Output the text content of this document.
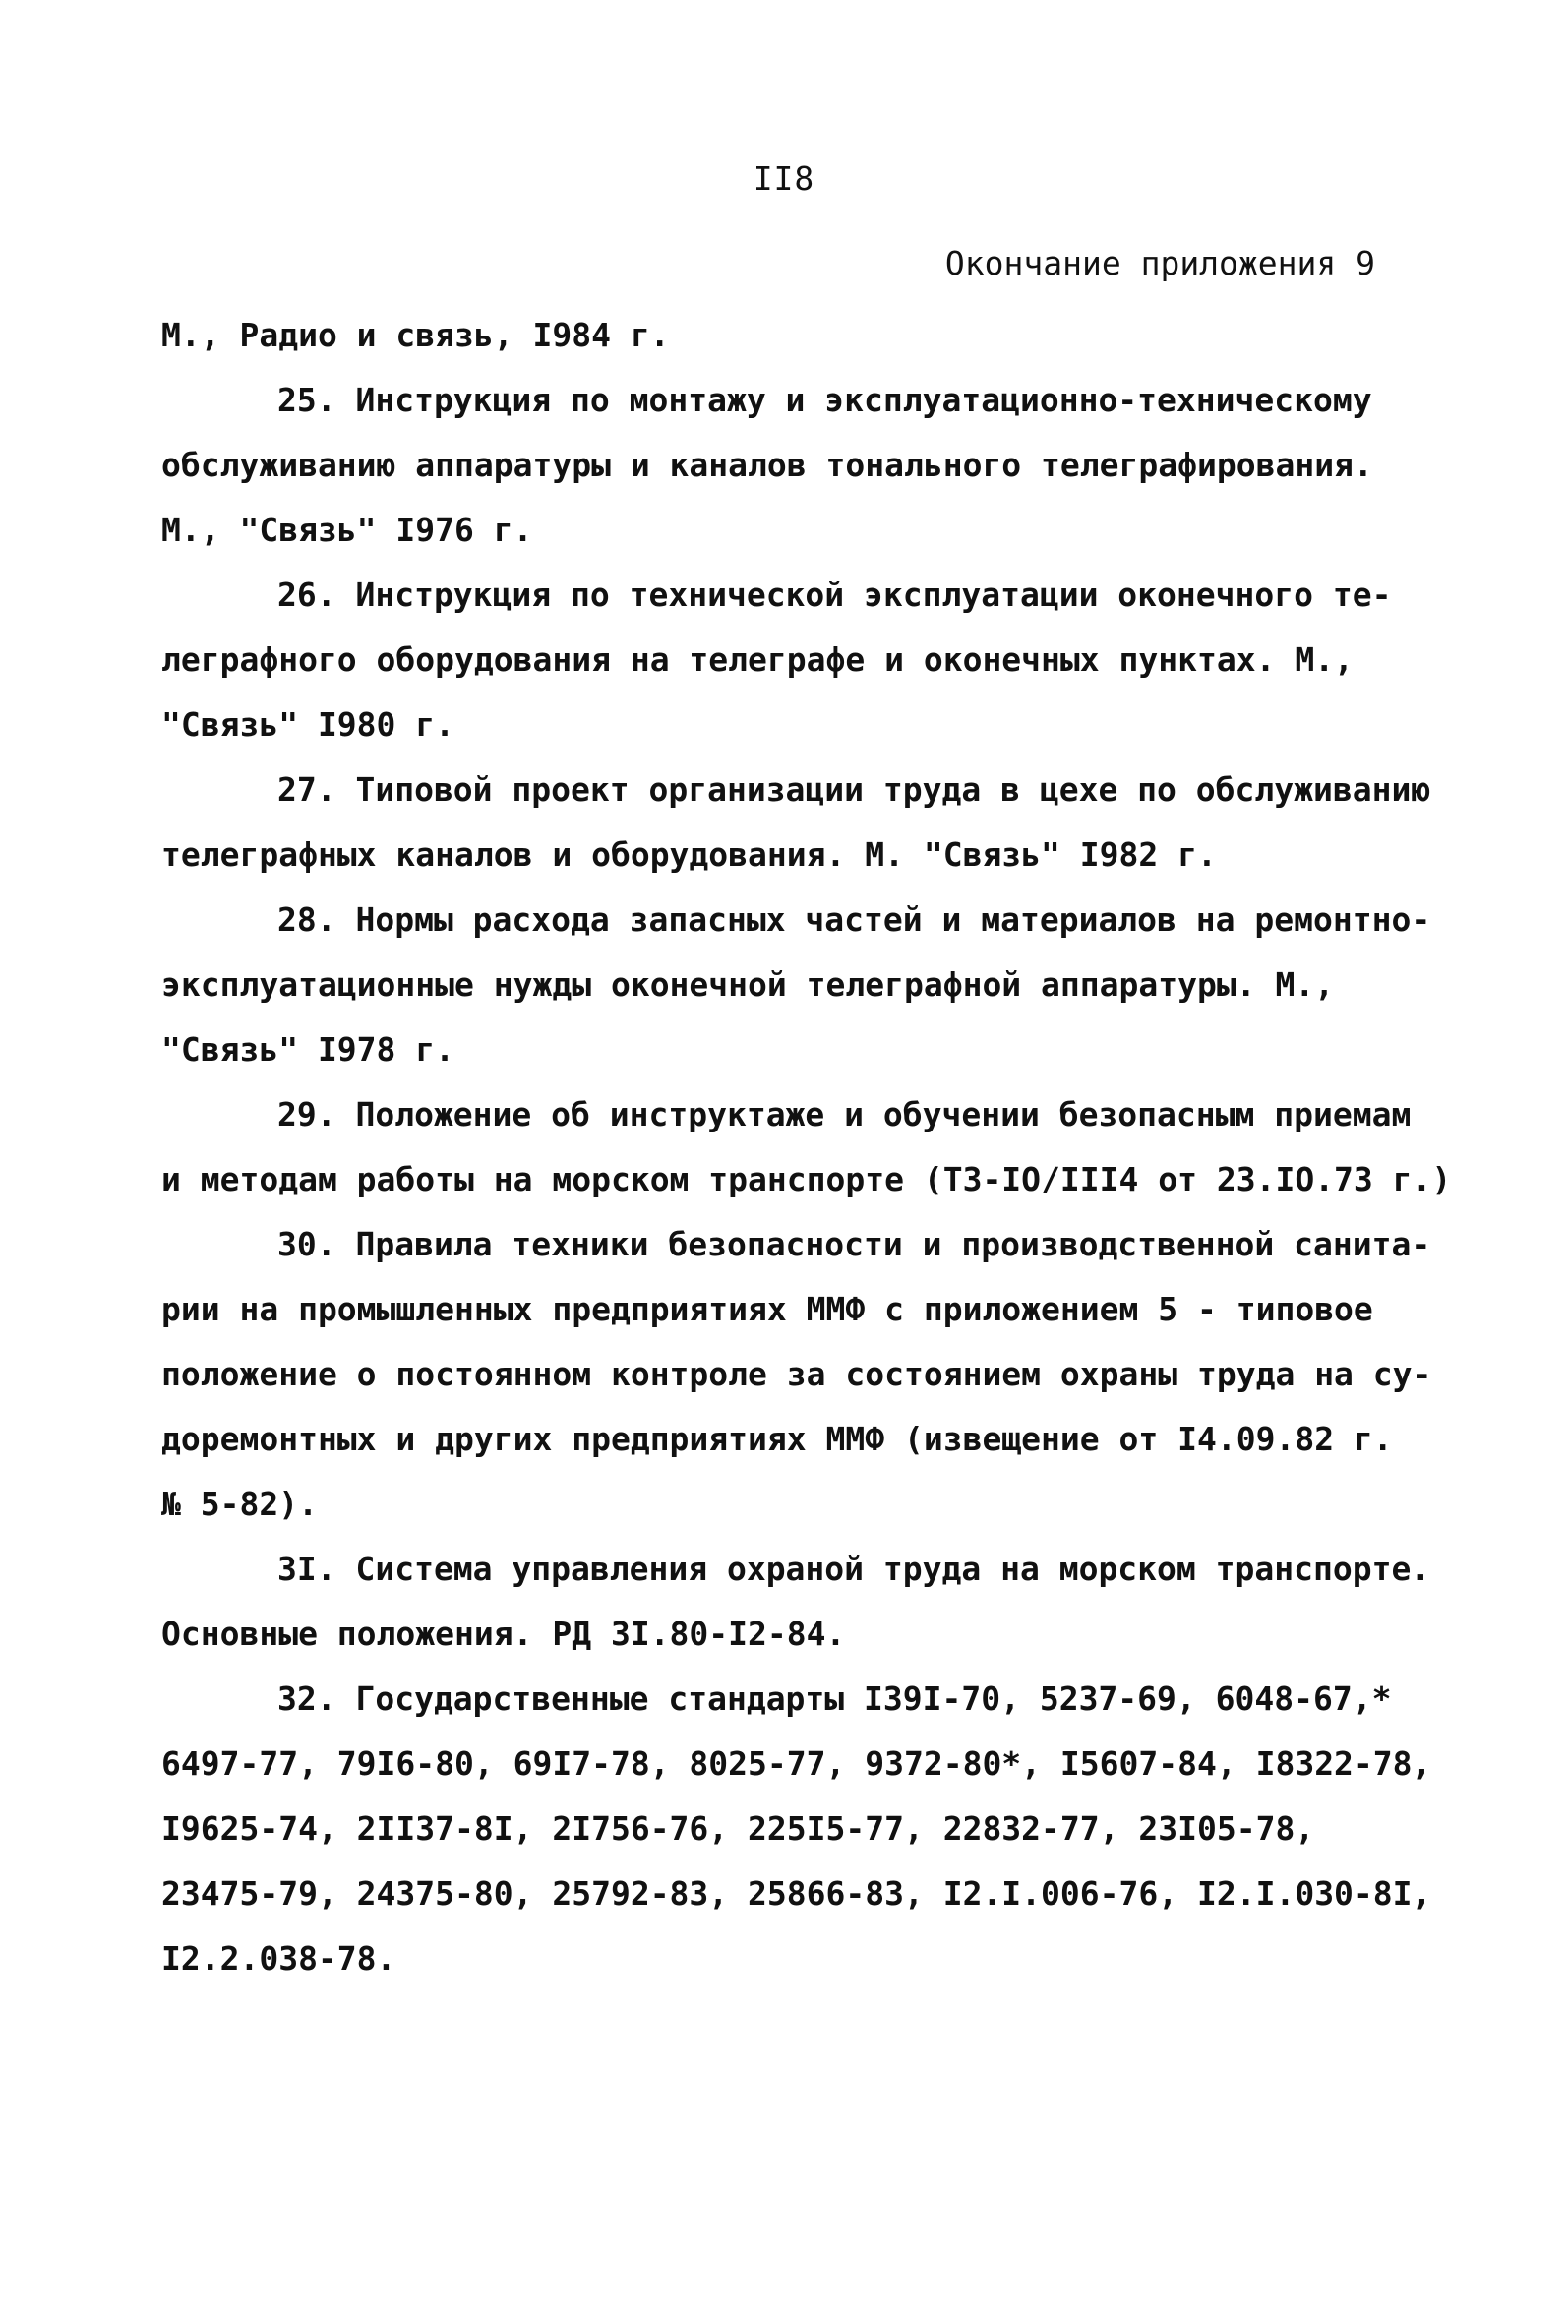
II8
Окончание приложения 9
М., Радио и связь, I984 г.
25. Инструкция по монтажу и эксплуатационно-техническому
обслуживанию аппаратуры и каналов тонального телеграфирования.
М., "Связь" I976 г.
26. Инструкция по технической эксплуатации оконечного те-
леграфного оборудования на телеграфе и оконечных пунктах. М.,
"Связь" I980 г.
27. Типовой проект организации труда в цехе по обслуживанию
телеграфных каналов и оборудования. М. "Связь" I982 г.
28. Нормы расхода запасных частей и материалов на ремонтно-
эксплуатационные нужды оконечной телеграфной аппаратуры. М.,
"Связь" I978 г.
29. Положение об инструктаже и обучении безопасным приемам
и методам работы на морском транспорте (ТЗ-IO/III4 от 23.IO.73 г.)
30. Правила техники безопасности и производственной санита-
рии на промышленных предприятиях ММФ с приложением 5 - типовое
положение о постоянном контроле за состоянием охраны труда на су-
доремонтных и других предприятиях ММФ (извещение от I4.09.82 г.
№ 5-82).
3I. Система управления охраной труда на морском транспорте.
Основные положения. РД 3I.80-I2-84.
32. Государственные стандарты I39I-70, 5237-69, 6048-67,*
6497-77, 79I6-80, 69I7-78, 8025-77, 9372-80*, I5607-84, I8322-78,
I9625-74, 2II37-8I, 2I756-76, 225I5-77, 22832-77, 23I05-78,
23475-79, 24375-80, 25792-83, 25866-83, I2.I.006-76, I2.I.030-8I,
I2.2.038-78.
